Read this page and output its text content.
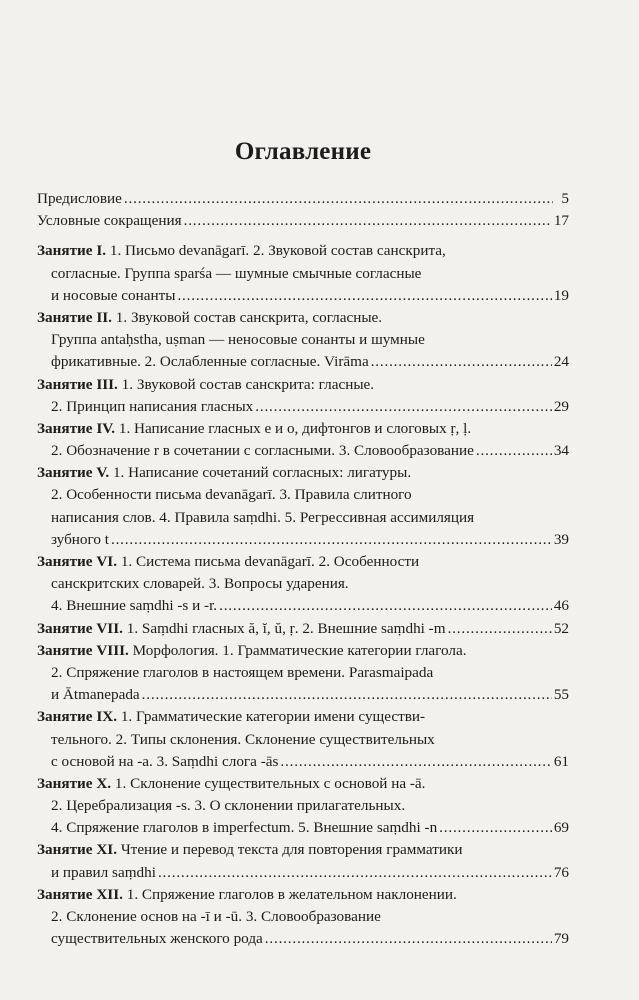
Оглавление
Предисловие . . .	5
Условные сокращения . . .	17
Занятие I. 1. Письмо devanāgarī. 2. Звуковой состав санскрита,
согласные. Группа sparśa — шумные смычные согласные
и носовые сонанты . . .	19
Занятие II. 1. Звуковой состав санскрита, согласные.
Группа antaḥstha, uṣman — неносовые сонанты и шумные
фрикативные. 2. Ослабленные согласные. Virāma . . .	24
Занятие III. 1. Звуковой состав санскрита: гласные.
2. Принцип написания гласных . . .	29
Занятие IV. 1. Написание гласных e и o, дифтонгов и слоговых ṛ, ḷ.
2. Обозначение r в сочетании с согласными. 3. Словообразование . . .	34
Занятие V. 1. Написание сочетаний согласных: лигатуры.
2. Особенности письма devanāgarī. 3. Правила слитного
написания слов. 4. Правила saṃdhi. 5. Регрессивная ассимиляция
зубного t . . .	39
Занятие VI. 1. Система письма devanāgarī. 2. Особенности
санскритских словарей. 3. Вопросы ударения.
4. Внешние saṃdhi -s и -r. . . .	46
Занятие VII. 1. Saṃdhi гласных ă, ĭ, ŭ, ṛ. 2. Внешние saṃdhi -m . . .	52
Занятие VIII. Морфология. 1. Грамматические категории глагола.
2. Спряжение глаголов в настоящем времени. Parasmaipada
и Ātmanepada . . .	55
Занятие IX. 1. Грамматические категории имени существи-
тельного. 2. Типы склонения. Склонение существительных
с основой на -a. 3. Saṃdhi слога -ās . . .	61
Занятие X. 1. Склонение существительных с основой на -ā.
2. Церебрализация -s. 3. О склонении прилагательных.
4. Спряжение глаголов в imperfectum. 5. Внешние saṃdhi -n . . .	69
Занятие XI. Чтение и перевод текста для повторения грамматики
и правил saṃdhi . . .	76
Занятие XII. 1. Спряжение глаголов в желательном наклонении.
2. Склонение основ на -ī и -ū. 3. Словообразование
существительных женского рода . . .	79
